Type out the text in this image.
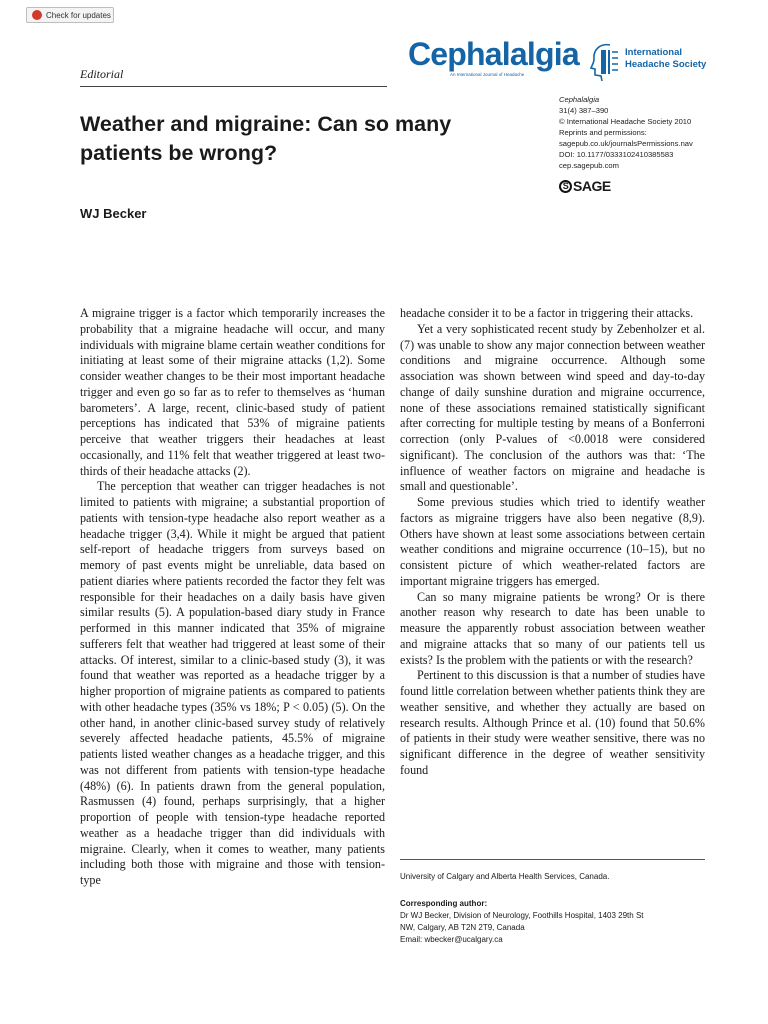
Check for updates
Editorial
Cephalalgia
An International Journal of Headache
International
Headache Society
Weather and migraine: Can so many patients be wrong?
WJ Becker
Cephalalgia
31(4) 387–390
© International Headache Society 2010
Reprints and permissions:
sagepub.co.uk/journalsPermissions.nav
DOI: 10.1177/0333102410385583
cep.sagepub.com
S SAGE

A migraine trigger is a factor which temporarily increases the probability that a migraine headache will occur, and many individuals with migraine blame certain weather conditions for initiating at least some of their migraine attacks (1,2). Some consider weather changes to be their most important headache trigger and even go so far as to refer to themselves as ‘human barometers’. A large, recent, clinic-based study of patient perceptions has indicated that 53% of migraine patients perceive that weather triggers their headaches at least occasionally, and 11% felt that weather triggered at least two-thirds of their headache attacks (2).

The perception that weather can trigger headaches is not limited to patients with migraine; a substantial proportion of patients with tension-type headache also report weather as a headache trigger (3,4). While it might be argued that patient self-report of headache triggers from surveys based on memory of past events might be unreliable, data based on patient diaries where patients recorded the factor they felt was responsible for their headaches on a daily basis have given similar results (5). A population-based diary study in France performed in this manner indicated that 35% of migraine sufferers felt that weather had triggered at least some of their attacks. Of interest, similar to a clinic-based study (3), it was found that weather was reported as a headache trigger by a higher proportion of migraine patients as compared to patients with other headache types (35% vs 18%; P < 0.05) (5). On the other hand, in another clinic-based survey study of relatively severely affected headache patients, 45.5% of migraine patients listed weather changes as a headache trigger, and this was not different from patients with tension-type headache (48%) (6). In patients drawn from the general population, Rasmussen (4) found, perhaps surprisingly, that a higher proportion of people with tension-type headache reported weather as a headache trigger than did individuals with migraine. Clearly, when it comes to weather, many patients including both those with migraine and those with tension-type

headache consider it to be a factor in triggering their attacks.

Yet a very sophisticated recent study by Zebenholzer et al. (7) was unable to show any major connection between weather conditions and migraine occurrence. Although some association was shown between wind speed and day-to-day change of daily sunshine duration and migraine occurrence, none of these associations remained statistically significant after correcting for multiple testing by means of a Bonferroni correction (only P-values of <0.0018 were considered significant). The conclusion of the authors was that: ‘The influence of weather factors on migraine and headache is small and questionable’.

Some previous studies which tried to identify weather factors as migraine triggers have also been negative (8,9). Others have shown at least some associations between certain weather conditions and migraine occurrence (10–15), but no consistent picture of which weather-related factors are important migraine triggers has emerged.

Can so many migraine patients be wrong? Or is there another reason why research to date has been unable to measure the apparently robust association between weather and migraine attacks that so many of our patients tell us exists? Is the problem with the patients or with the research?

Pertinent to this discussion is that a number of studies have found little correlation between whether patients think they are weather sensitive, and whether they actually are based on research results. Although Prince et al. (10) found that 50.6% of patients in their study were weather sensitive, there was no significant difference in the degree of weather sensitivity found

University of Calgary and Alberta Health Services, Canada.
Corresponding author:
Dr WJ Becker, Division of Neurology, Foothills Hospital, 1403 29th St
NW, Calgary, AB T2N 2T9, Canada
Email: wbecker@ucalgary.ca
